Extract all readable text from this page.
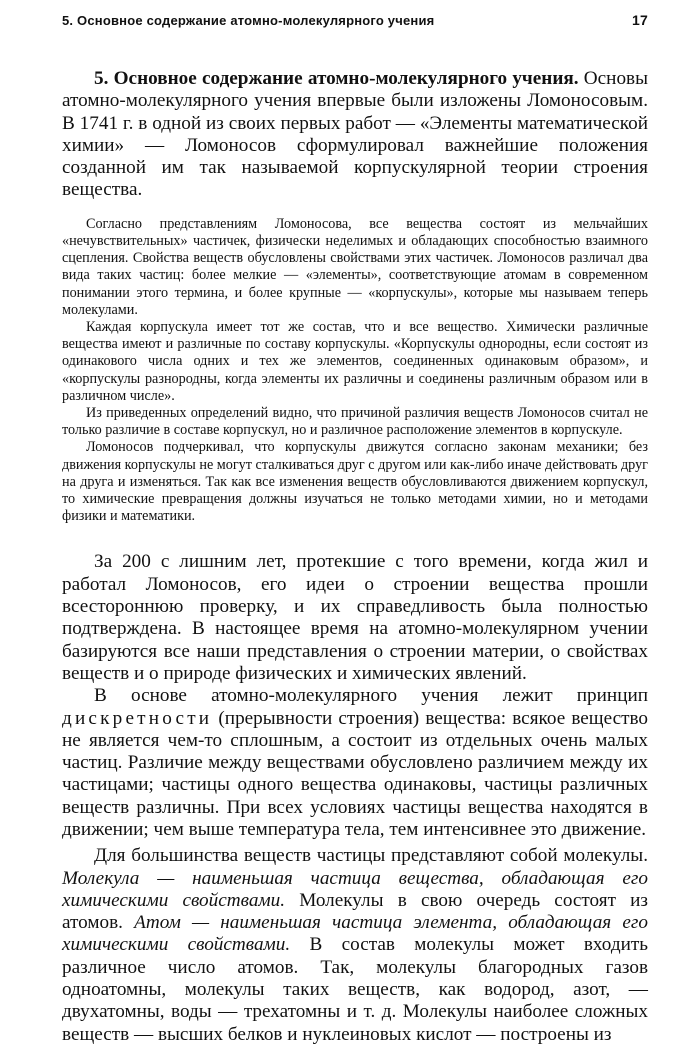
5. Основное содержание атомно-молекулярного учения	17

5. Основное содержание атомно-молекулярного учения. Основы атомно-молекулярного учения впервые были изложены Ломоносовым. В 1741 г. в одной из своих первых работ — «Элементы математической химии» — Ломоносов сформулировал важнейшие положения созданной им так называемой корпускулярной теории строения вещества.

Согласно представлениям Ломоносова, все вещества состоят из мельчайших «нечувствительных» частичек, физически неделимых и обладающих способностью взаимного сцепления. Свойства веществ обусловлены свойствами этих частичек. Ломоносов различал два вида таких частиц: более мелкие — «элементы», соответствующие атомам в современном понимании этого термина, и более крупные — «корпускулы», которые мы называем теперь молекулами.

Каждая корпускула имеет тот же состав, что и все вещество. Химически различные вещества имеют и различные по составу корпускулы. «Корпускулы однородны, если состоят из одинакового числа одних и тех же элементов, соединенных одинаковым образом», и «корпускулы разнородны, когда элементы их различны и соединены различным образом или в различном числе».

Из приведенных определений видно, что причиной различия веществ Ломоносов считал не только различие в составе корпускул, но и различное расположение элементов в корпускуле.

Ломоносов подчеркивал, что корпускулы движутся согласно законам механики; без движения корпускулы не могут сталкиваться друг с другом или как-либо иначе действовать друг на друга и изменяться. Так как все изменения веществ обусловливаются движением корпускул, то химические превращения должны изучаться не только методами химии, но и методами физики и математики.

За 200 с лишним лет, протекшие с того времени, когда жил и работал Ломоносов, его идеи о строении вещества прошли всестороннюю проверку, и их справедливость была полностью подтверждена. В настоящее время на атомно-молекулярном учении базируются все наши представления о строении материи, о свойствах веществ и о природе физических и химических явлений.

В основе атомно-молекулярного учения лежит принцип дискретности (прерывности строения) вещества: всякое вещество не является чем-то сплошным, а состоит из отдельных очень малых частиц. Различие между веществами обусловлено различием между их частицами; частицы одного вещества одинаковы, частицы различных веществ различны. При всех условиях частицы вещества находятся в движении; чем выше температура тела, тем интенсивнее это движение.

Для большинства веществ частицы представляют собой молекулы. Молекула — наименьшая частица вещества, обладающая его химическими свойствами. Молекулы в свою очередь состоят из атомов. Атом — наименьшая частица элемента, обладающая его химическими свойствами. В состав молекулы может входить различное число атомов. Так, молекулы благородных газов одноатомны, молекулы таких веществ, как водород, азот, — двухатомны, воды — трехатомны и т. д. Молекулы наиболее сложных веществ — высших белков и нуклеиновых кислот — построены из
